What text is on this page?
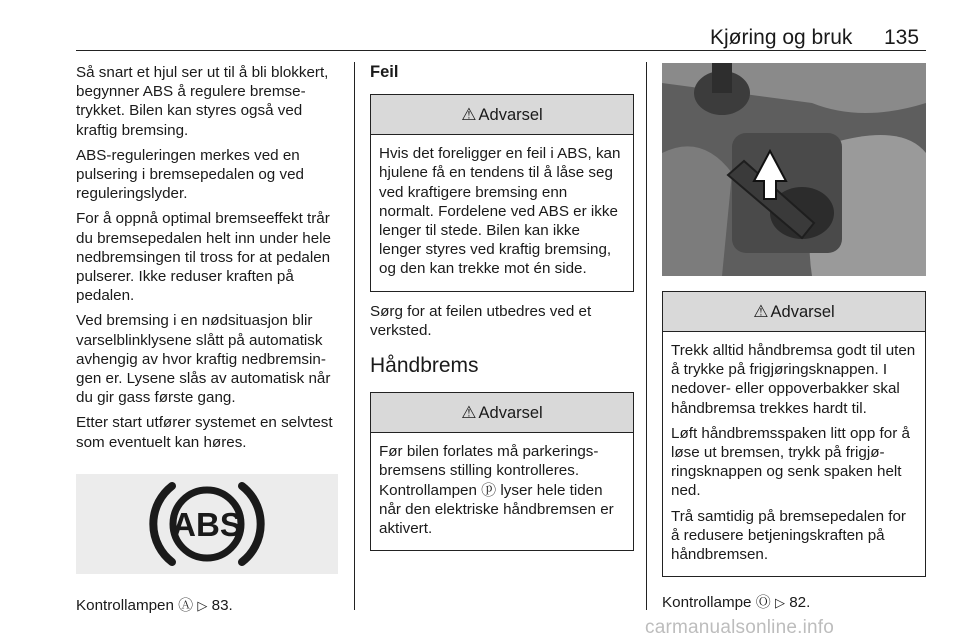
Kjøring og bruk 135

Så snart et hjul ser ut til å bli blokkert, begynner ABS å regulere bremsetrykket. Bilen kan styres også ved kraftig bremsing.

ABS-reguleringen merkes ved en pulsering i bremsepedalen og ved reguleringslyder.

For å oppnå optimal bremseeffekt trår du bremsepedalen helt inn under hele nedbremsingen til tross for at pedalen pulserer. Ikke reduser kraften på pedalen.

Ved bremsing i en nødsituasjon blir varselblinklysene slått på automatisk avhengig av hvor kraftig nedbremsingen er. Lysene slås av automatisk når du gir gass første gang.

Etter start utfører systemet en selvtest som eventuelt kan høres.

ABS

Kontrollampen Ⓐ ▷ 83.

Feil
⚠ Advarsel

Hvis det foreligger en feil i ABS, kan hjulene få en tendens til å låse seg ved kraftigere bremsing enn normalt. Fordelene ved ABS er ikke lenger til stede. Bilen kan ikke lenger styres ved kraftig bremsing, og den kan trekke mot én side.

Sørg for at feilen utbedres ved et verksted.

Håndbrems
⚠ Advarsel

Før bilen forlates må parkeringsbremsens stilling kontrolleres. Kontrollampen ⓟ lyser hele tiden når den elektriske håndbremsen er aktivert.

⚠ Advarsel

Trekk alltid håndbremsa godt til uten å trykke på frigjøringsknappen. I nedover- eller oppoverbakker skal håndbremsa trekkes hardt til.

Løft håndbremsspaken litt opp for å løse ut bremsen, trykk på frigjøringsknappen og senk spaken helt ned.

Trå samtidig på bremsepedalen for å redusere betjeningskraften på håndbremsen.

Kontrollampe Ⓞ ▷ 82.

carmanualsonline.info
